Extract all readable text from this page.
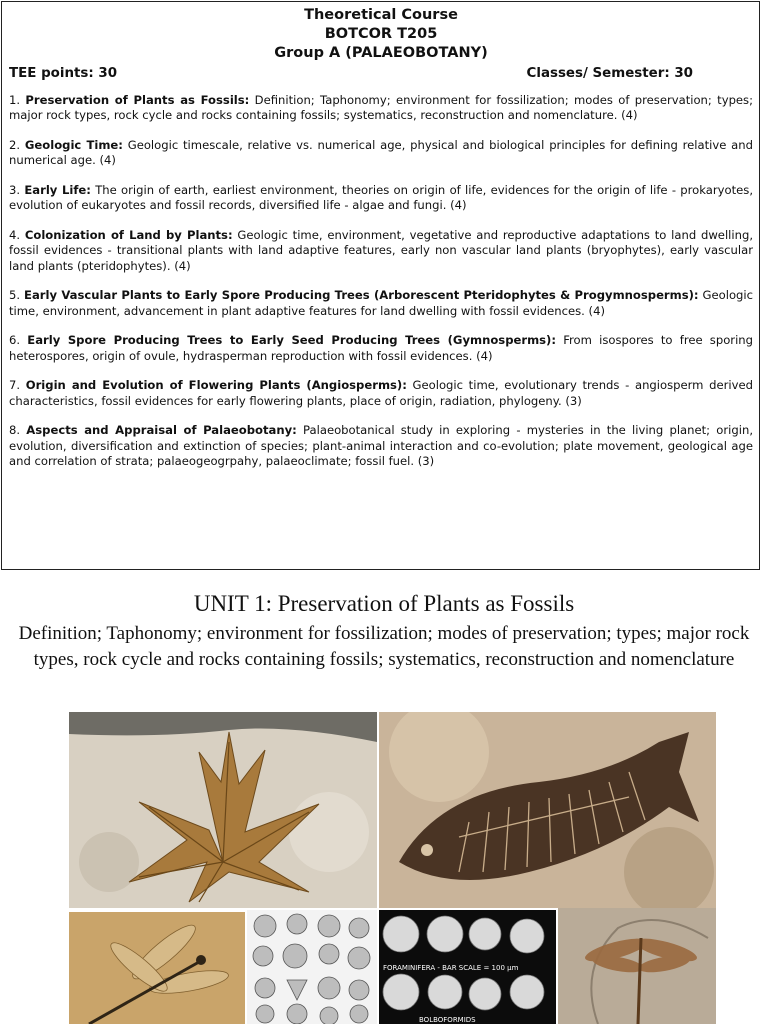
Theoretical Course
BOTCOR T205
Group A (PALAEOBOTANY)
TEE points: 30	Classes/ Semester: 30
1. Preservation of Plants as Fossils: Definition; Taphonomy; environment for fossilization; modes of preservation; types; major rock types, rock cycle and rocks containing fossils; systematics, reconstruction and nomenclature. (4)
2. Geologic Time: Geologic timescale, relative vs. numerical age, physical and biological principles for defining relative and numerical age. (4)
3. Early Life: The origin of earth, earliest environment, theories on origin of life, evidences for the origin of life - prokaryotes, evolution of eukaryotes and fossil records, diversified life - algae and fungi. (4)
4. Colonization of Land by Plants: Geologic time, environment, vegetative and reproductive adaptations to land dwelling, fossil evidences - transitional plants with land adaptive features, early non vascular land plants (bryophytes), early vascular land plants (pteridophytes). (4)
5. Early Vascular Plants to Early Spore Producing Trees (Arborescent Pteridophytes & Progymnosperms): Geologic time, environment, advancement in plant adaptive features for land dwelling with fossil evidences. (4)
6. Early Spore Producing Trees to Early Seed Producing Trees (Gymnosperms): From isospores to free sporing heterospores, origin of ovule, hydrasperman reproduction with fossil evidences. (4)
7. Origin and Evolution of Flowering Plants (Angiosperms): Geologic time, evolutionary trends - angiosperm derived characteristics, fossil evidences for early flowering plants, place of origin, radiation, phylogeny. (3)
8. Aspects and Appraisal of Palaeobotany: Palaeobotanical study in exploring - mysteries in the living planet; origin, evolution, diversification and extinction of species; plant-animal interaction and co-evolution; plate movement, geological age and correlation of strata; palaeogeogrpahy, palaeoclimate; fossil fuel. (3)
UNIT 1: Preservation of Plants as Fossils
Definition; Taphonomy; environment for fossilization; modes of preservation; types; major rock types, rock cycle and rocks containing fossils; systematics, reconstruction and nomenclature
FORAMINIFERA - BAR SCALE = 100 µm
BOLBOFORMIDS
